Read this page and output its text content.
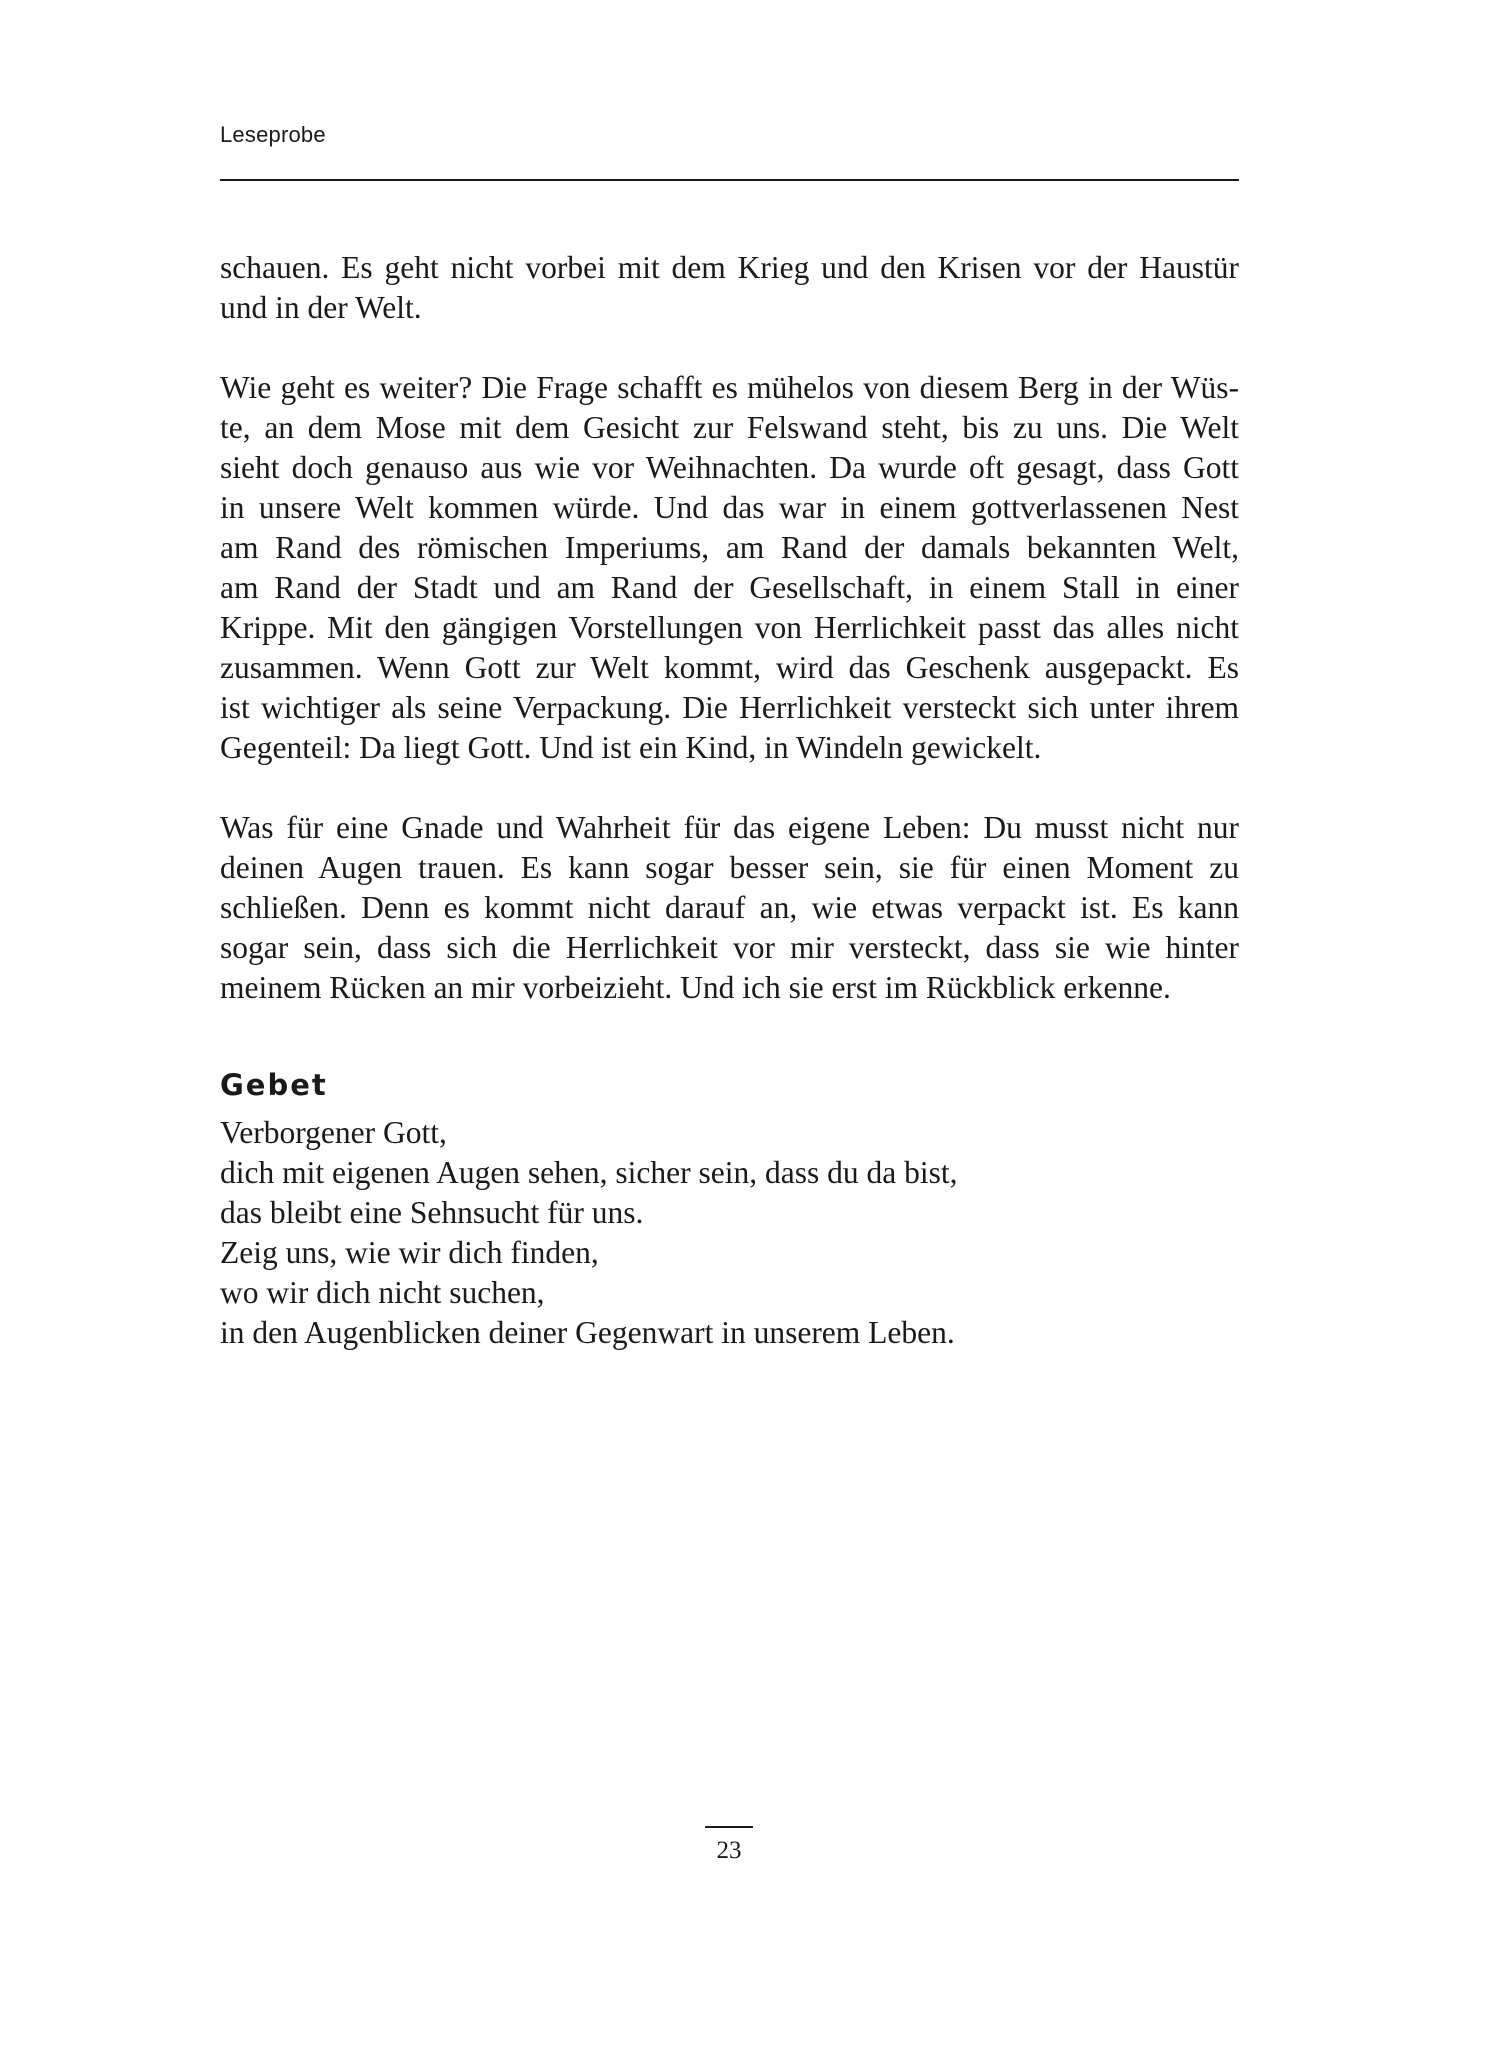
Leseprobe

schauen. Es geht nicht vorbei mit dem Krieg und den Krisen vor der Haustür
und in der Welt.

Wie geht es weiter? Die Frage schafft es mühelos von diesem Berg in der Wüs-
te, an dem Mose mit dem Gesicht zur Felswand steht, bis zu uns. Die Welt
sieht doch genauso aus wie vor Weihnachten. Da wurde oft gesagt, dass Gott
in unsere Welt kommen würde. Und das war in einem gottverlassenen Nest
am Rand des römischen Imperiums, am Rand der damals bekannten Welt,
am Rand der Stadt und am Rand der Gesellschaft, in einem Stall in einer
Krippe. Mit den gängigen Vorstellungen von Herrlichkeit passt das alles nicht
zusammen. Wenn Gott zur Welt kommt, wird das Geschenk ausgepackt. Es
ist wichtiger als seine Verpackung. Die Herrlichkeit versteckt sich unter ihrem
Gegenteil: Da liegt Gott. Und ist ein Kind, in Windeln gewickelt.

Was für eine Gnade und Wahrheit für das eigene Leben: Du musst nicht nur
deinen Augen trauen. Es kann sogar besser sein, sie für einen Moment zu
schließen. Denn es kommt nicht darauf an, wie etwas verpackt ist. Es kann
sogar sein, dass sich die Herrlichkeit vor mir versteckt, dass sie wie hinter
meinem Rücken an mir vorbeizieht. Und ich sie erst im Rückblick erkenne.

Gebet
Verborgener Gott,
dich mit eigenen Augen sehen, sicher sein, dass du da bist,
das bleibt eine Sehnsucht für uns.
Zeig uns, wie wir dich finden,
wo wir dich nicht suchen,
in den Augenblicken deiner Gegenwart in unserem Leben.
23
